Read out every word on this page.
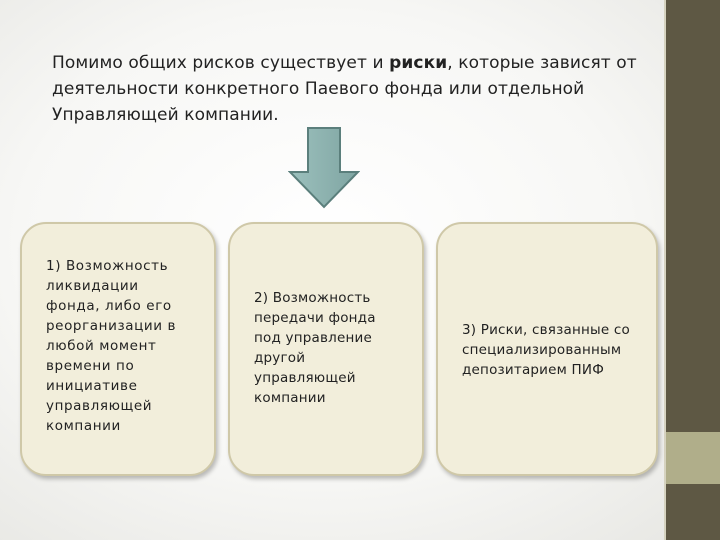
Помимо общих рисков существует и риски, которые зависят от деятельности конкретного Паевого фонда или отдельной Управляющей компании.
1) Возможность
ликвидации
фонда, либо его
реорганизации в
любой момент
времени по
инициативе
управляющей
компании
2) Возможность
передачи фонда
под управление
другой
управляющей
компании
3) Риски, связанные со
специализированным
депозитарием ПИФ
